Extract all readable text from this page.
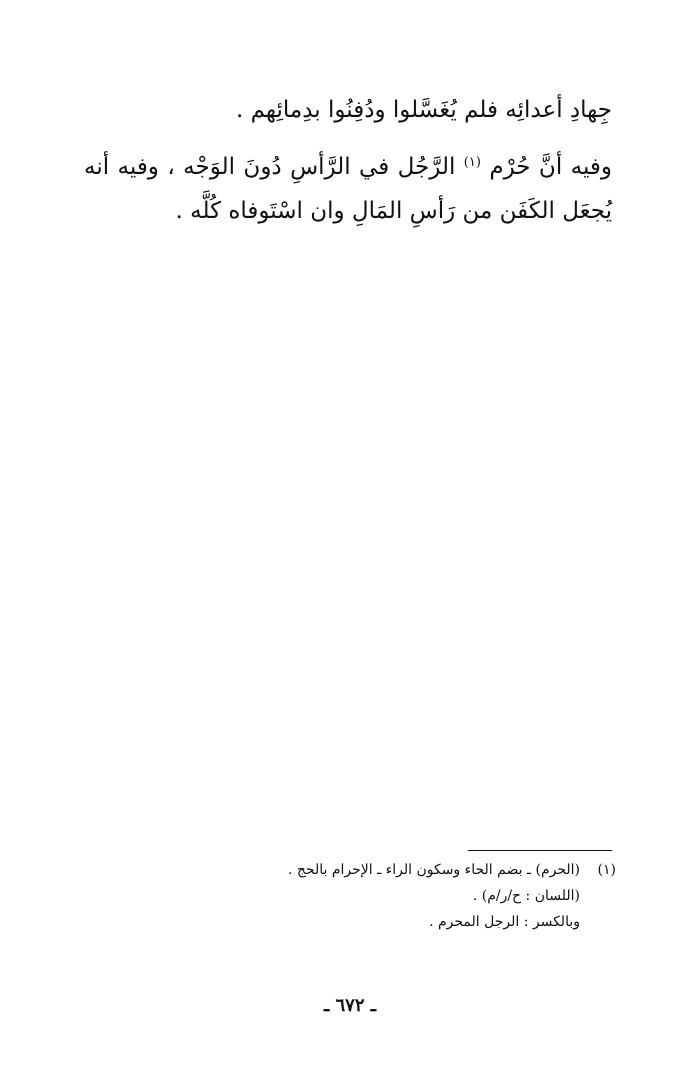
جِهادِ أعدائِه فلم يُغَسَّلوا ودُفِنُوا بدِمائِهم .
وفيه أنَّ حُرْم $^{(١)}$ الرَّجُل في الرَّأسِ دُونَ الوَجْه ، وفيه أنه
يُجعَل الكَفَن من رَأسِ المَالِ وان اسْتَوفاه كُلَّه .
(١)
(الحرم) ـ بضم الحاء وسكون الراء ـ الإحرام بالحج .
(اللسان : ح/ر/م) .
وبالكسر : الرجل المحرم .
ـ ٦٧٢ ـ
